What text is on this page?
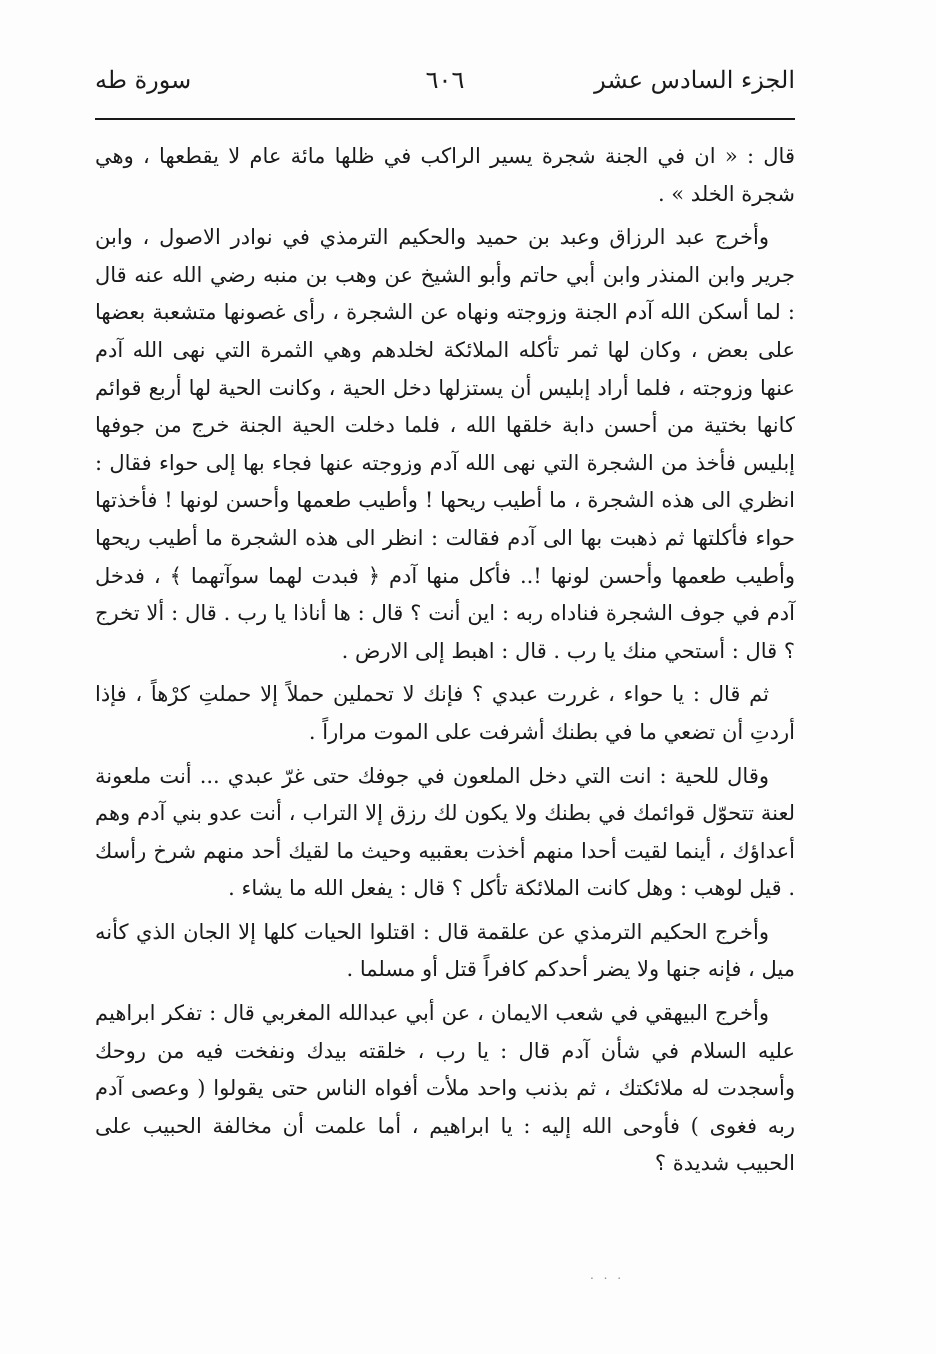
الجزء السادس عشر
٦٠٦
سورة طه

قال : « ان في الجنة شجرة يسير الراكب في ظلها مائة عام لا يقطعها ، وهي شجرة الخلد » .

وأخرج عبد الرزاق وعبد بن حميد والحكيم الترمذي في نوادر الاصول ، وابن جرير وابن المنذر وابن أبي حاتم وأبو الشيخ عن وهب بن منبه رضي الله عنه قال : لما أسكن الله آدم الجنة وزوجته ونهاه عن الشجرة ، رأى غصونها متشعبة بعضها على بعض ، وكان لها ثمر تأكله الملائكة لخلدهم وهي الثمرة التي نهى الله آدم عنها وزوجته ، فلما أراد إبليس أن يستزلها دخل الحية ، وكانت الحية لها أربع قوائم كانها بختية من أحسن دابة خلقها الله ، فلما دخلت الحية الجنة خرج من جوفها إبليس فأخذ من الشجرة التي نهى الله آدم وزوجته عنها فجاء بها إلى حواء فقال : انظري الى هذه الشجرة ، ما أطيب ريحها ! وأطيب طعمها وأحسن لونها ! فأخذتها حواء فأكلتها ثم ذهبت بها الى آدم فقالت : انظر الى هذه الشجرة ما أطيب ريحها وأطيب طعمها وأحسن لونها !.. فأكل منها آدم ﴿ فبدت لهما سوآتهما ﴾ ، فدخل آدم في جوف الشجرة فناداه ربه : اين أنت ؟ قال : ها أناذا يا رب . قال : ألا تخرج ؟ قال : أستحي منك يا رب . قال : اهبط إلى الارض .

ثم قال : يا حواء ، غررت عبدي ؟ فإنك لا تحملين حملاً إلا حملتِ كرْهاً ، فإذا أردتِ أن تضعي ما في بطنك أشرفت على الموت مراراً .

وقال للحية : انت التي دخل الملعون في جوفك حتى غرّ عبدي ... أنت ملعونة لعنة تتحوّل قوائمك في بطنك ولا يكون لك رزق إلا التراب ، أنت عدو بني آدم وهم أعداؤك ، أينما لقيت أحدا منهم أخذت بعقبيه وحيث ما لقيك أحد منهم شرخ رأسك . قيل لوهب : وهل كانت الملائكة تأكل ؟ قال : يفعل الله ما يشاء .

وأخرج الحكيم الترمذي عن علقمة قال : اقتلوا الحيات كلها إلا الجان الذي كأنه ميل ، فإنه جنها ولا يضر أحدكم كافراً قتل أو مسلما .

وأخرج البيهقي في شعب الايمان ، عن أبي عبدالله المغربي قال : تفكر ابراهيم عليه السلام في شأن آدم قال : يا رب ، خلقته بيدك ونفخت فيه من روحك وأسجدت له ملائكتك ، ثم بذنب واحد ملأت أفواه الناس حتى يقولوا ( وعصى آدم ربه فغوى ) فأوحى الله إليه : يا ابراهيم ، أما علمت أن مخالفة الحبيب على الحبيب شديدة ؟

. . .
